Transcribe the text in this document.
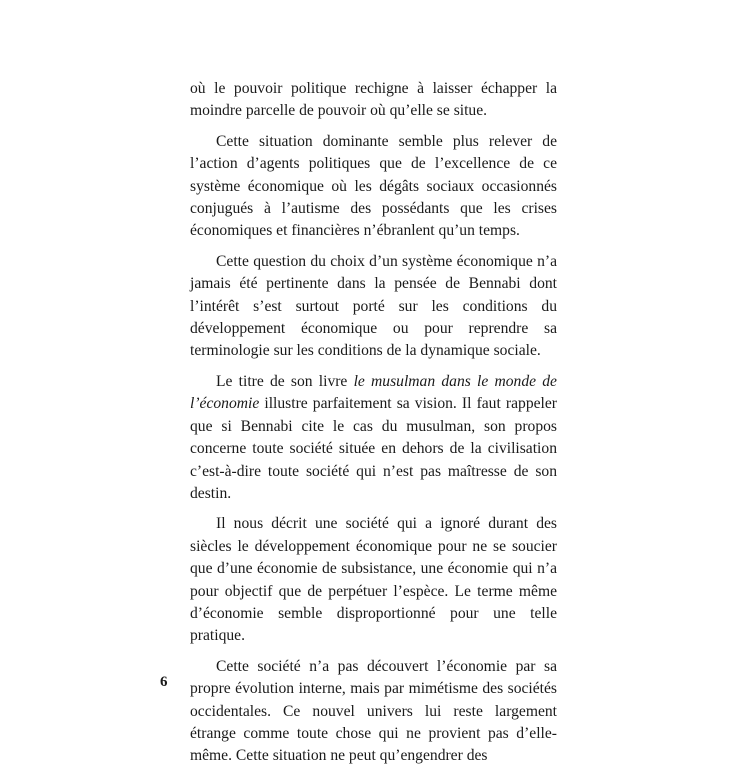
où le pouvoir politique rechigne à laisser échapper la moindre parcelle de pouvoir où qu’elle se situe.

Cette situation dominante semble plus relever de l’action d’agents politiques que de l’excellence de ce système économique où les dégâts sociaux occasionnés conjugués à l’autisme des possédants que les crises économiques et financières n’ébranlent qu’un temps.

Cette question du choix d’un système économique n’a jamais été pertinente dans la pensée de Bennabi dont l’intérêt s’est surtout porté sur les conditions du développement économique ou pour reprendre sa terminologie sur les conditions de la dynamique sociale.

Le titre de son livre le musulman dans le monde de l’économie illustre parfaitement sa vision. Il faut rappeler que si Bennabi cite le cas du musulman, son propos concerne toute société située en dehors de la civilisation c’est-à-dire toute société qui n’est pas maîtresse de son destin.

Il nous décrit une société qui a ignoré durant des siècles le développement économique pour ne se soucier que d’une économie de subsistance, une économie qui n’a pour objectif que de perpétuer l’espèce. Le terme même d’économie semble disproportionné pour une telle pratique.

Cette société n’a pas découvert l’économie par sa propre évolution interne, mais par mimétisme des sociétés occidentales. Ce nouvel univers lui reste largement étrange comme toute chose qui ne provient pas d’elle-même. Cette situation ne peut qu’engendrer des

6
